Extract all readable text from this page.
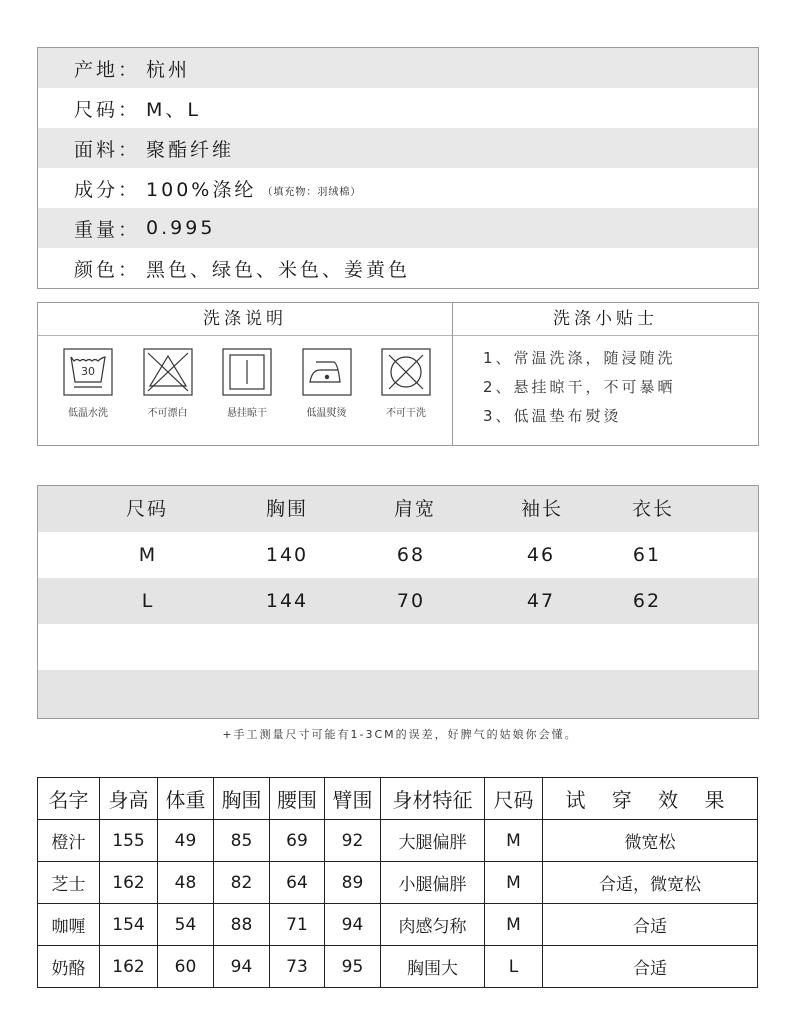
产地 ： 杭州
尺码 ： M、L
面料 ： 聚酯纤维
成分 ： 100%涤纶 （填充物：羽绒棉）
重量 ： 0.995
颜色 ： 黑色、绿色、米色、姜黄色
洗涤说明
30
低温水洗	不可漂白	悬挂晾干	低温熨烫	不可干洗
洗涤小贴士
1、常温洗涤，随浸随洗
2、悬挂晾干，不可暴晒
3、低温垫布熨烫
尺码	胸围	肩宽	袖长	衣长
M	140	68	46	61
L	144	70	47	62
+手工测量尺寸可能有1-3CM的误差，好脾气的姑娘你会懂。
名字	身高	体重	胸围	腰围	臂围	身材特征	尺码	试 穿 效 果
橙汁	155	49	85	69	92	大腿偏胖	M	微宽松
芝士	162	48	82	64	89	小腿偏胖	M	合适，微宽松
咖喱	154	54	88	71	94	肉感匀称	M	合适
奶酪	162	60	94	73	95	胸围大	L	合适
